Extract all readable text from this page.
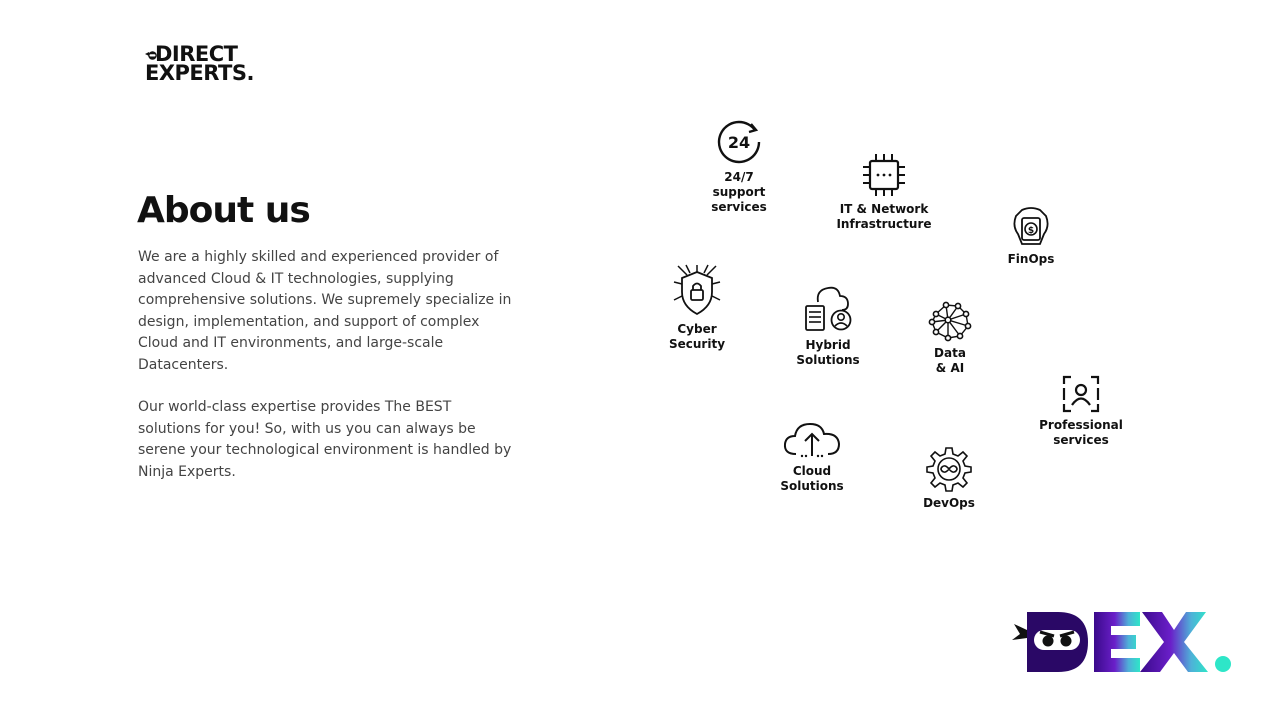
DIRECT
EXPERTS.
About us

We are a highly skilled and experienced provider of advanced Cloud & IT technologies, supplying comprehensive solutions. We supremely specialize in design, implementation, and support of complex Cloud and IT environments, and large-scale Datacenters.

Our world-class expertise provides The BEST solutions for you! So, with us you can always be serene your technological environment is handled by Ninja Experts.

24
24/7
support
services	IT & Network
Infrastructure	$
FinOps
Cyber
Security	Hybrid
Solutions	Data
& AI
Professional
services
Cloud
Solutions
DevOps
